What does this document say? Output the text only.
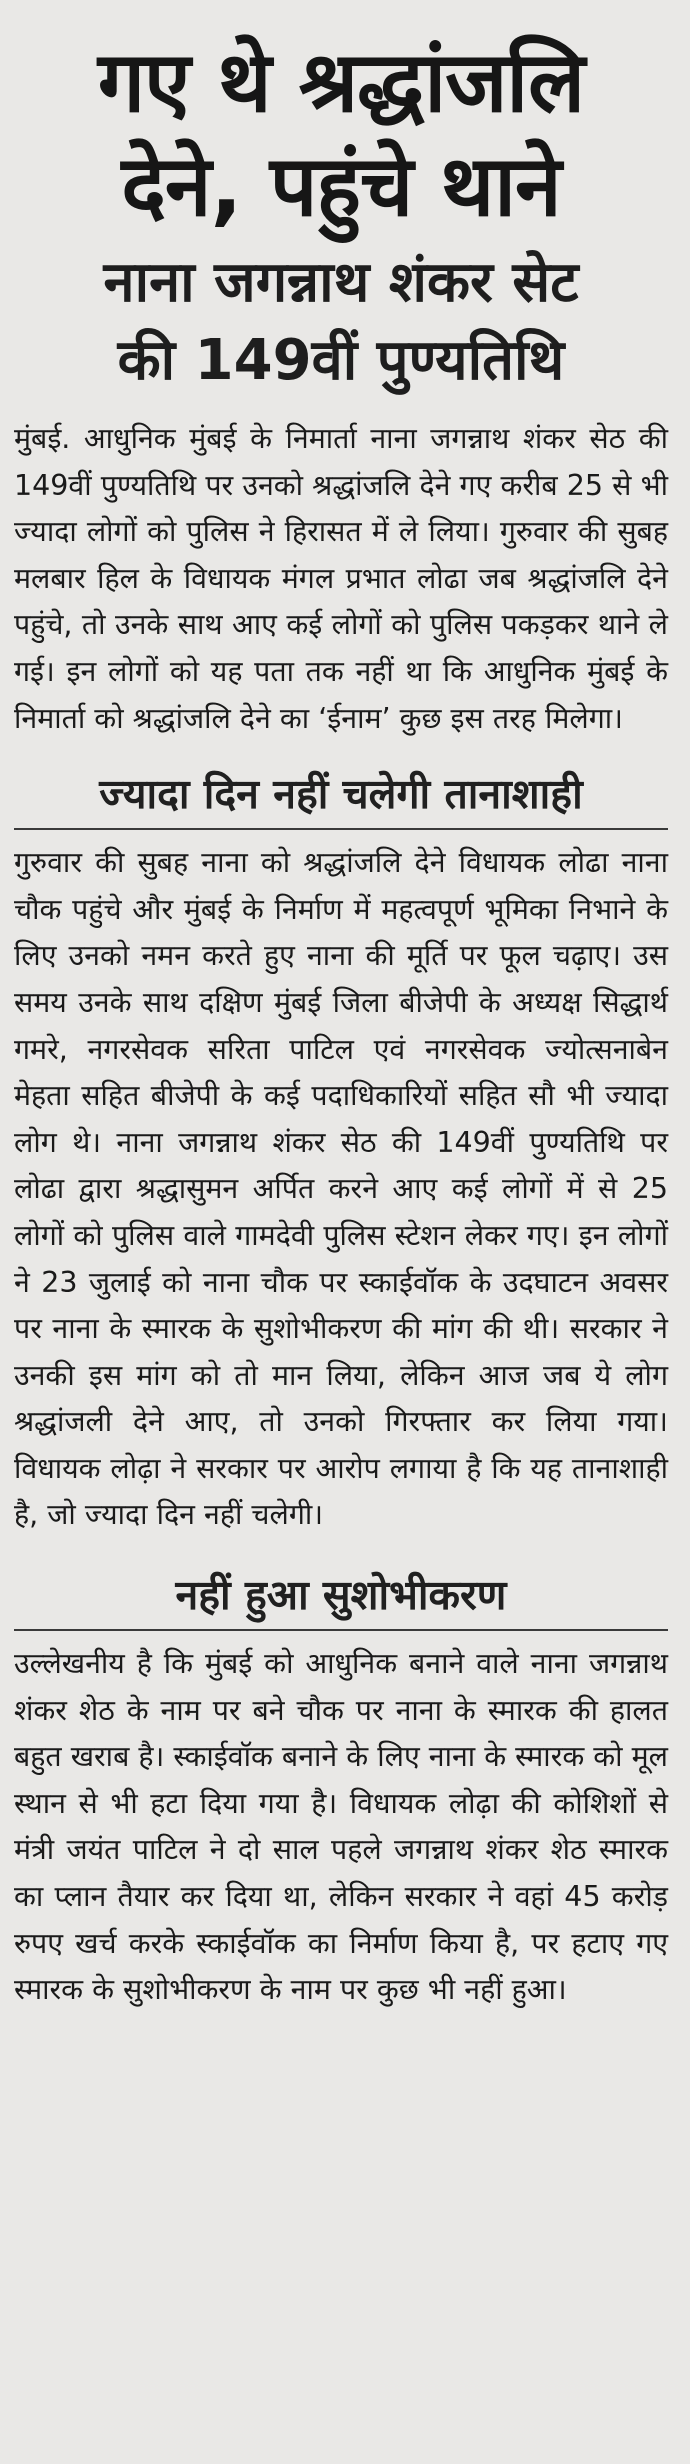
गए थे श्रद्धांजलि
देने, पहुंचे थाने
नाना जगन्नाथ शंकर सेट
की 149वीं पुण्यतिथि

मुंबई. आधुनिक मुंबई के निमार्ता नाना जगन्नाथ शंकर सेठ की 149वीं पुण्यतिथि पर उनको श्रद्धांजलि देने गए करीब 25 से भी ज्यादा लोगों को पुलिस ने हिरासत में ले लिया। गुरुवार की सुबह मलबार हिल के विधायक मंगल प्रभात लोढा जब श्रद्धांजलि देने पहुंचे, तो उनके साथ आए कई लोगों को पुलिस पकड़कर थाने ले गई। इन लोगों को यह पता तक नहीं था कि आधुनिक मुंबई के निमार्ता को श्रद्धांजलि देने का ‘ईनाम’ कुछ इस तरह मिलेगा।

ज्यादा दिन नहीं चलेगी तानाशाही

गुरुवार की सुबह नाना को श्रद्धांजलि देने विधायक लोढा नाना चौक पहुंचे और मुंबई के निर्माण में महत्वपूर्ण भूमिका निभाने के लिए उनको नमन करते हुए नाना की मूर्ति पर फूल चढ़ाए। उस समय उनके साथ दक्षिण मुंबई जिला बीजेपी के अध्यक्ष सिद्धार्थ गमरे, नगरसेवक सरिता पाटिल एवं नगरसेवक ज्योत्सनाबेन मेहता सहित बीजेपी के कई पदाधिकारियों सहित सौ भी ज्यादा लोग थे। नाना जगन्नाथ शंकर सेठ की 149वीं पुण्यतिथि पर लोढा द्वारा श्रद्धासुमन अर्पित करने आए कई लोगों में से 25 लोगों को पुलिस वाले गामदेवी पुलिस स्टेशन लेकर गए। इन लोगों ने 23 जुलाई को नाना चौक पर स्काईवॉक के उदघाटन अवसर पर नाना के स्मारक के सुशोभीकरण की मांग की थी। सरकार ने उनकी इस मांग को तो मान लिया, लेकिन आज जब ये लोग श्रद्धांजली देने आए, तो उनको गिरफ्तार कर लिया गया। विधायक लोढ़ा ने सरकार पर आरोप लगाया है कि यह तानाशाही है, जो ज्यादा दिन नहीं चलेगी।

नहीं हुआ सुशोभीकरण

उल्लेखनीय है कि मुंबई को आधुनिक बनाने वाले नाना जगन्नाथ शंकर शेठ के नाम पर बने चौक पर नाना के स्मारक की हालत बहुत खराब है। स्काईवॉक बनाने के लिए नाना के स्मारक को मूल स्थान से भी हटा दिया गया है। विधायक लोढ़ा की कोशिशों से मंत्री जयंत पाटिल ने दो साल पहले जगन्नाथ शंकर शेठ स्मारक का प्लान तैयार कर दिया था, लेकिन सरकार ने वहां 45 करोड़ रुपए खर्च करके स्काईवॉक का निर्माण किया है, पर हटाए गए स्मारक के सुशोभीकरण के नाम पर कुछ भी नहीं हुआ।
